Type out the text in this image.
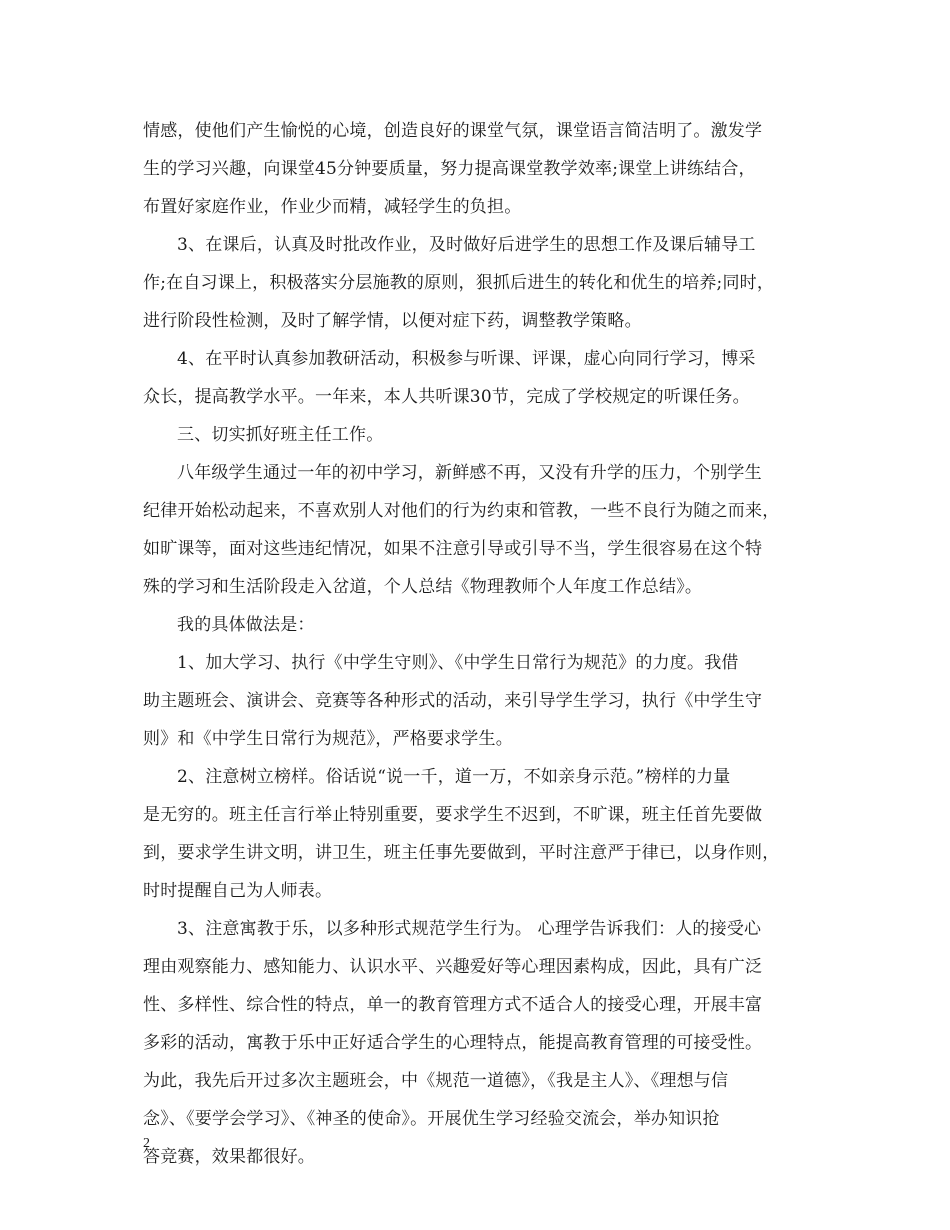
情感，使他们产生愉悦的心境，创造良好的课堂气氛，课堂语言简洁明了。激发学
生的学习兴趣，向课堂45分钟要质量，努力提高课堂教学效率;课堂上讲练结合，
布置好家庭作业，作业少而精，减轻学生的负担。
3、在课后，认真及时批改作业，及时做好后进学生的思想工作及课后辅导工
作;在自习课上，积极落实分层施教的原则，狠抓后进生的转化和优生的培养;同时，
进行阶段性检测，及时了解学情，以便对症下药，调整教学策略。
4、在平时认真参加教研活动，积极参与听课、评课，虚心向同行学习，博采
众长，提高教学水平。一年来，本人共听课30节，完成了学校规定的听课任务。
三、切实抓好班主任工作。
八年级学生通过一年的初中学习，新鲜感不再，又没有升学的压力，个别学生
纪律开始松动起来，不喜欢别人对他们的行为约束和管教，一些不良行为随之而来，
如旷课等，面对这些违纪情况，如果不注意引导或引导不当，学生很容易在这个特
殊的学习和生活阶段走入岔道，个人总结《物理教师个人年度工作总结》。
我的具体做法是：
1、加大学习、执行《中学生守则》、《中学生日常行为规范》的力度。我借
助主题班会、演讲会、竞赛等各种形式的活动，来引导学生学习，执行《中学生守
则》和《中学生日常行为规范》，严格要求学生。
2、注意树立榜样。俗话说“说一千，道一万，不如亲身示范。”榜样的力量
是无穷的。班主任言行举止特别重要，要求学生不迟到，不旷课，班主任首先要做
到，要求学生讲文明，讲卫生，班主任事先要做到，平时注意严于律已，以身作则，
时时提醒自己为人师表。
3、注意寓教于乐，以多种形式规范学生行为。 心理学告诉我们：人的接受心
理由观察能力、感知能力、认识水平、兴趣爱好等心理因素构成，因此，具有广泛
性、多样性、综合性的特点，单一的教育管理方式不适合人的接受心理，开展丰富
多彩的活动，寓教于乐中正好适合学生的心理特点，能提高教育管理的可接受性。
为此，我先后开过多次主题班会，中《规范一道德》，《我是主人》、《理想与信
念》、《要学会学习》、《神圣的使命》。开展优生学习经验交流会，举办知识抢
答竞赛，效果都很好。
2
